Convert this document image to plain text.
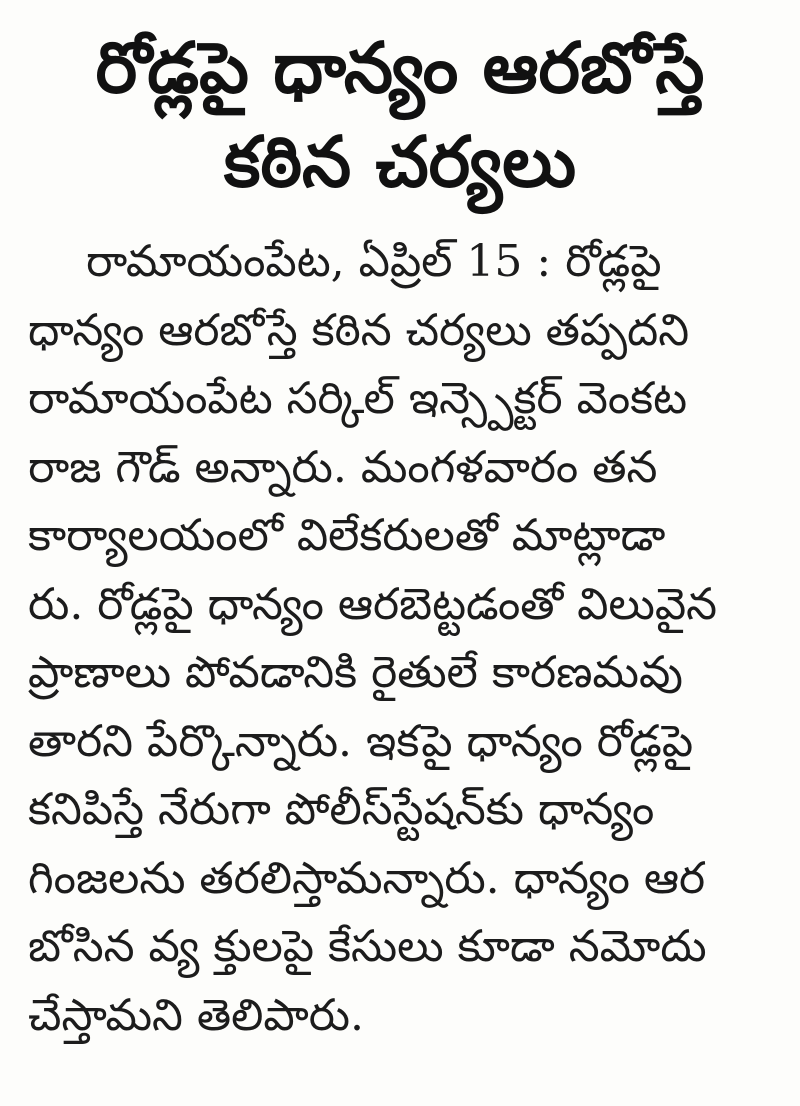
రోడ్లపై ధాన్యం ఆరబోస్తే
కఠిన చర్యలు
రామాయంపేట, ఏప్రిల్ 15 : రోడ్లపై
ధాన్యం ఆరబోస్తే కఠిన చర్యలు తప్పదని
రామాయంపేట సర్కిల్ ఇన్స్పెక్టర్ వెంకట
రాజ గౌడ్ అన్నారు. మంగళవారం తన
కార్యాలయంలో విలేకరులతో మాట్లాడా
రు. రోడ్లపై ధాన్యం ఆరబెట్టడంతో విలువైన
ప్రాణాలు పోవడానికి రైతులే కారణమవు
తారని పేర్కొన్నారు. ఇకపై ధాన్యం రోడ్లపై
కనిపిస్తే నేరుగా పోలీస్‌స్టేషన్‌కు ధాన్యం
గింజలను తరలిస్తామన్నారు. ధాన్యం ఆర
బోసిన వ్య క్తులపై కేసులు కూడా నమోదు
చేస్తామని తెలిపారు.
